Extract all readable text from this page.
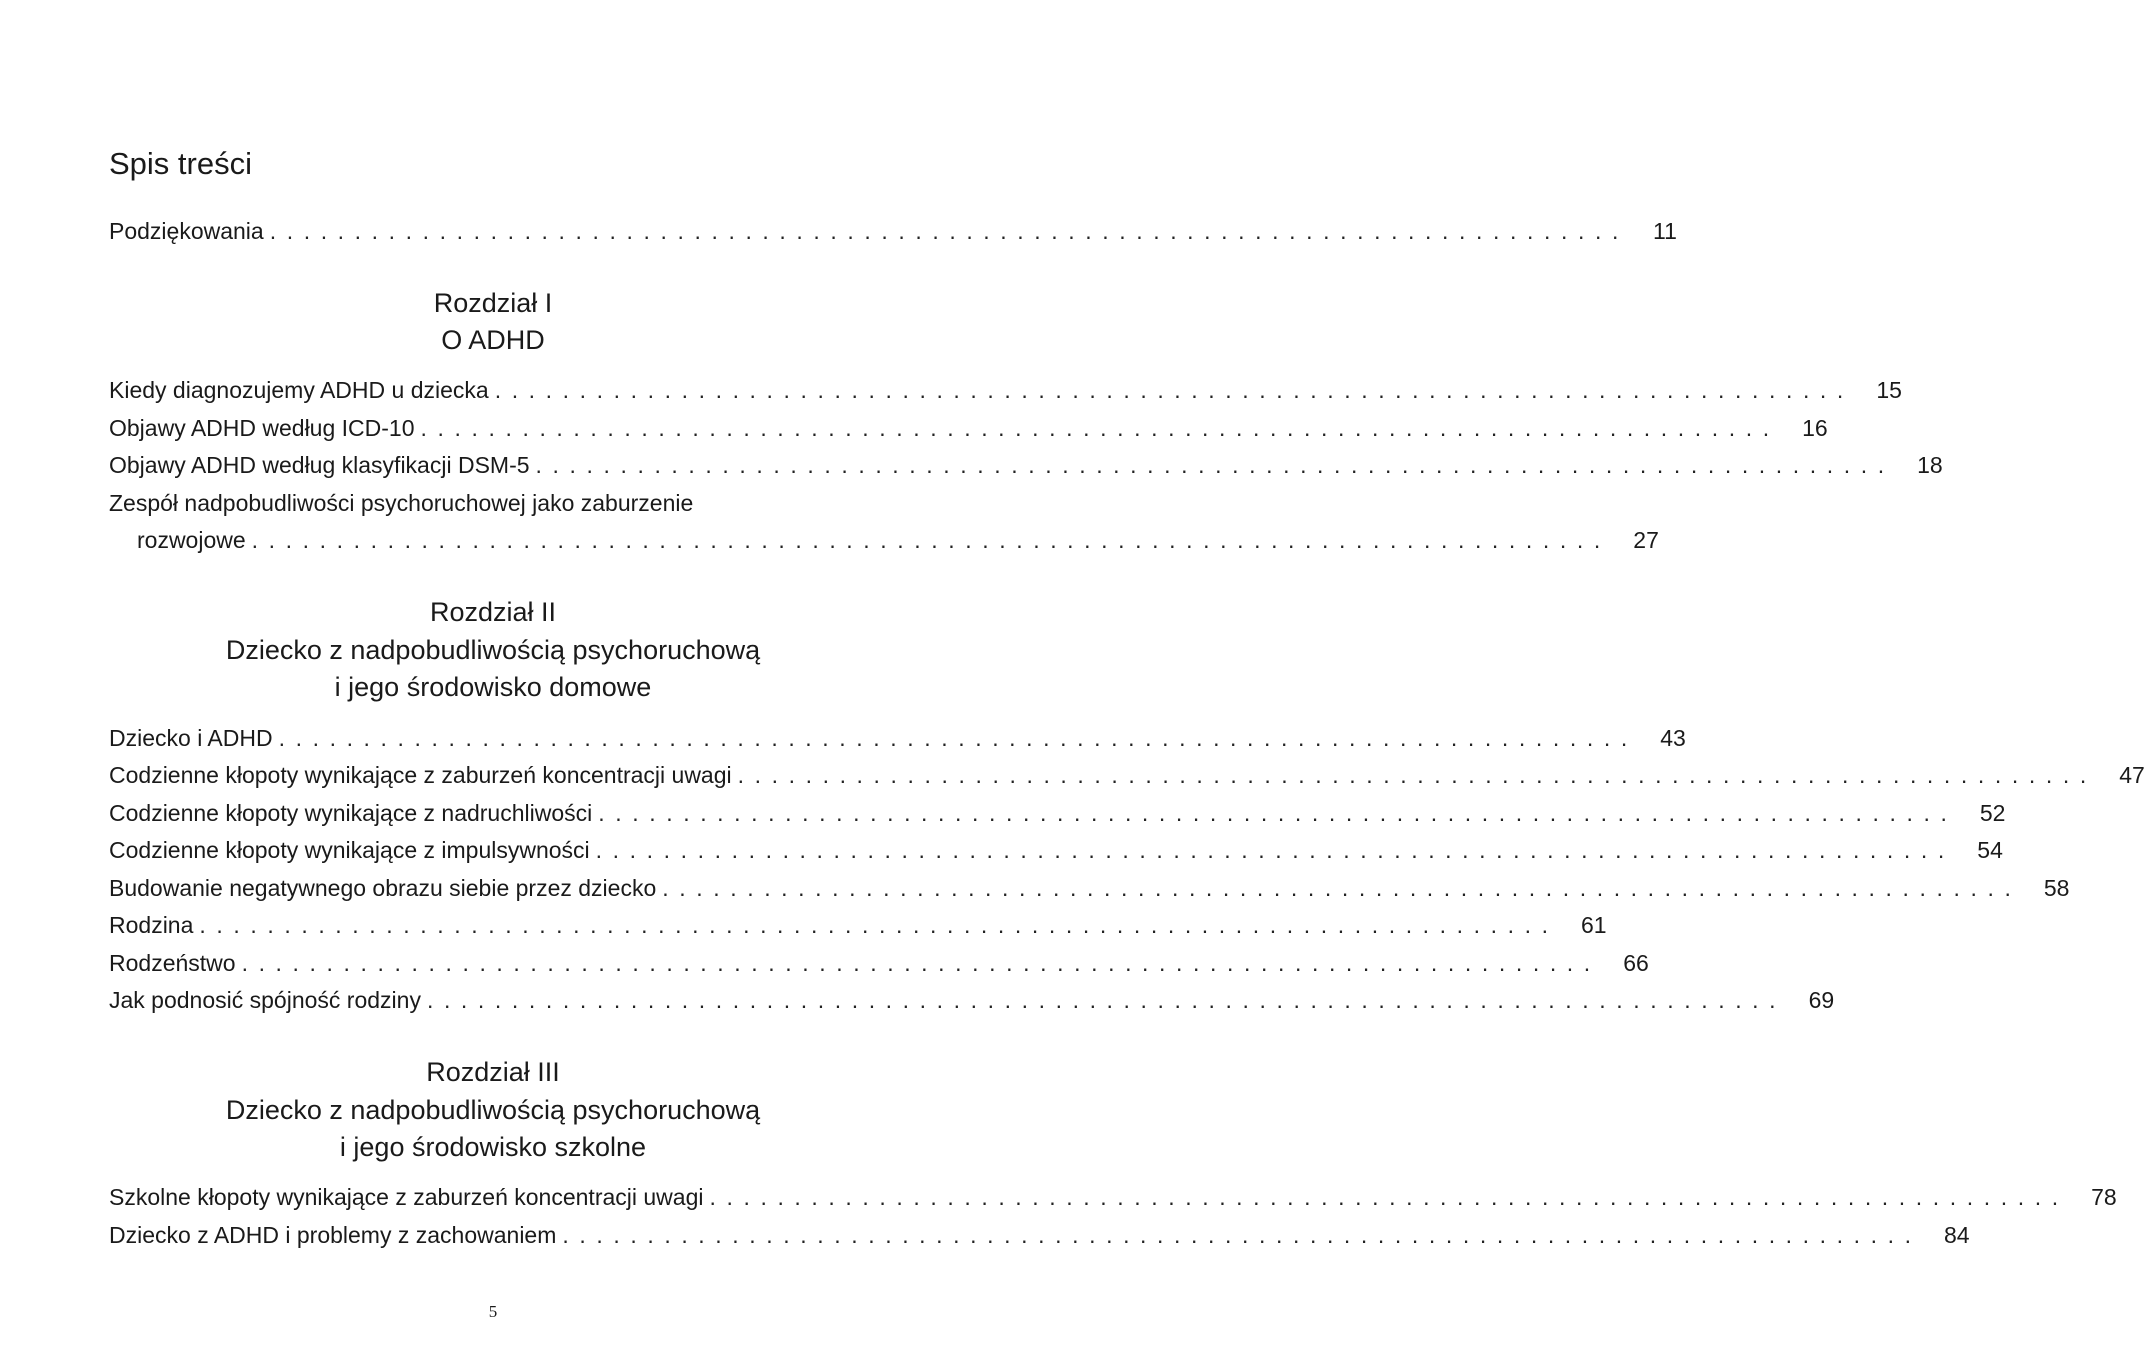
Spis treści
Podziękowania ................................................................................	11
Rozdział I
O ADHD
Kiedy diagnozujemy ADHD u dziecka ................................................................................ 15
Objawy ADHD według ICD-10 ................................................................................ 16
Objawy ADHD według klasyfikacji DSM-5 ................................................................................ 18
Zespół nadpobudliwości psychoruchowej jako zaburzenie
rozwojowe ................................................................................ 27
Rozdział II
Dziecko z nadpobudliwością psychoruchową
i jego środowisko domowe
Dziecko i ADHD ................................................................................ 43
Codzienne kłopoty wynikające z zaburzeń koncentracji uwagi ................................................................................ 47
Codzienne kłopoty wynikające z nadruchliwości ................................................................................ 52
Codzienne kłopoty wynikające z impulsywności ................................................................................ 54
Budowanie negatywnego obrazu siebie przez dziecko ................................................................................ 58
Rodzina ................................................................................ 61
Rodzeństwo ................................................................................ 66
Jak podnosić spójność rodziny ................................................................................ 69
Rozdział III
Dziecko z nadpobudliwością psychoruchową
i jego środowisko szkolne
Szkolne kłopoty wynikające z zaburzeń koncentracji uwagi ................................................................................ 78
Dziecko z ADHD i problemy z zachowaniem ................................................................................ 84
5
